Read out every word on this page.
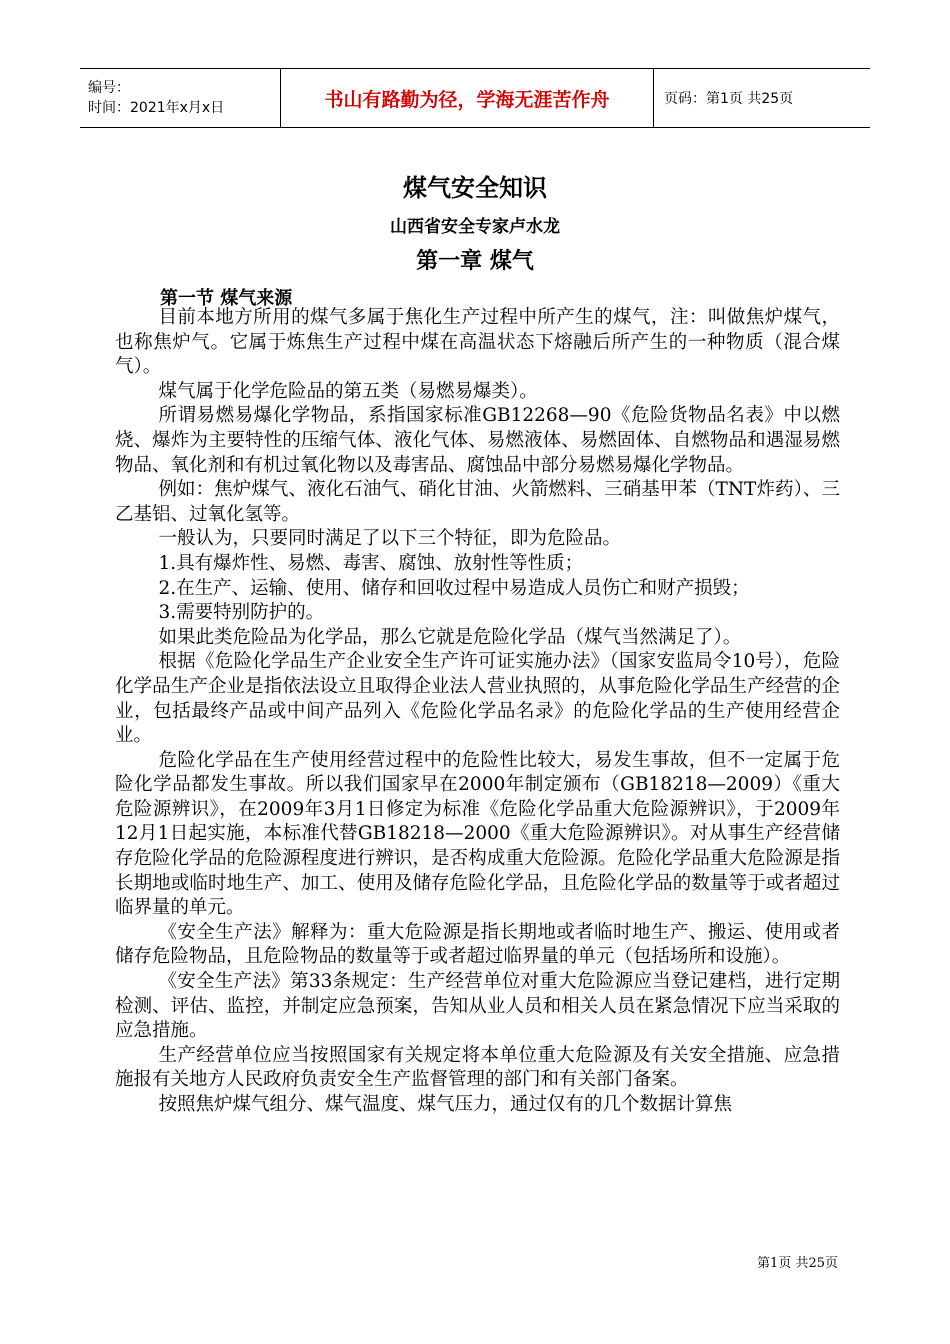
编号：
时间：2021年x月x日	书山有路勤为径，学海无涯苦作舟	页码：第1页 共25页
煤气安全知识
山西省安全专家卢水龙
第一章 煤气
第一节 煤气来源

目前本地方所用的煤气多属于焦化生产过程中所产生的煤气，注：叫做焦炉煤气，也称焦炉气。它属于炼焦生产过程中煤在高温状态下熔融后所产生的一种物质（混合煤气）。

煤气属于化学危险品的第五类（易燃易爆类）。

所谓易燃易爆化学物品，系指国家标准GB12268—90《危险货物品名表》中以燃烧、爆炸为主要特性的压缩气体、液化气体、易燃液体、易燃固体、自燃物品和遇湿易燃物品、氧化剂和有机过氧化物以及毒害品、腐蚀品中部分易燃易爆化学物品。

例如：焦炉煤气、液化石油气、硝化甘油、火箭燃料、三硝基甲苯（TNT炸药）、三乙基铝、过氧化氢等。

一般认为，只要同时满足了以下三个特征，即为危险品。

1.具有爆炸性、易燃、毒害、腐蚀、放射性等性质；

2.在生产、运输、使用、储存和回收过程中易造成人员伤亡和财产损毁；

3.需要特别防护的。

如果此类危险品为化学品，那么它就是危险化学品（煤气当然满足了）。

根据《危险化学品生产企业安全生产许可证实施办法》（国家安监局令10号），危险化学品生产企业是指依法设立且取得企业法人营业执照的，从事危险化学品生产经营的企业，包括最终产品或中间产品列入《危险化学品名录》的危险化学品的生产使用经营企业。

危险化学品在生产使用经营过程中的危险性比较大，易发生事故，但不一定属于危险化学品都发生事故。所以我们国家早在2000年制定颁布（GB18218—2009）《重大危险源辨识》，在2009年3月1日修定为标准《危险化学品重大危险源辨识》，于2009年12月1日起实施，本标准代替GB18218—2000《重大危险源辨识》。对从事生产经营储存危险化学品的危险源程度进行辨识，是否构成重大危险源。危险化学品重大危险源是指长期地或临时地生产、加工、使用及储存危险化学品，且危险化学品的数量等于或者超过临界量的单元。

《安全生产法》解释为：重大危险源是指长期地或者临时地生产、搬运、使用或者储存危险物品，且危险物品的数量等于或者超过临界量的单元（包括场所和设施）。

《安全生产法》第33条规定：生产经营单位对重大危险源应当登记建档，进行定期检测、评估、监控，并制定应急预案，告知从业人员和相关人员在紧急情况下应当采取的应急措施。

生产经营单位应当按照国家有关规定将本单位重大危险源及有关安全措施、应急措施报有关地方人民政府负责安全生产监督管理的部门和有关部门备案。

按照焦炉煤气组分、煤气温度、煤气压力，通过仅有的几个数据计算焦

第1页 共25页
